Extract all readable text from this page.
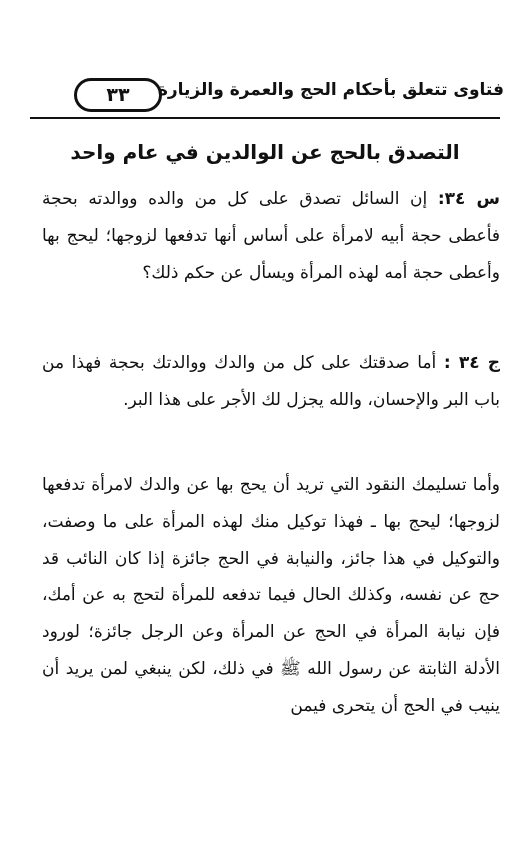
فتاوى تتعلق بأحكام الحج والعمرة والزيارة
٣٣
التصدق بالحج عن الوالدين في عام واحد

س ٣٤: إن السائل تصدق على كل من والده ووالدته بحجة فأعطى حجة أبيه لامرأة على أساس أنها تدفعها لزوجها؛ ليحج بها وأعطى حجة أمه لهذه المرأة ويسأل عن حكم ذلك؟

ج ٣٤ : أما صدقتك على كل من والدك ووالدتك بحجة فهذا من باب البر والإحسان، والله يجزل لك الأجر على هذا البر.

وأما تسليمك النقود التي تريد أن يحج بها عن والدك لامرأة تدفعها لزوجها؛ ليحج بها ـ فهذا توكيل منك لهذه المرأة على ما وصفت، والتوكيل في هذا جائز، والنيابة في الحج جائزة إذا كان النائب قد حج عن نفسه، وكذلك الحال فيما تدفعه للمرأة لتحج به عن أمك، فإن نيابة المرأة في الحج عن المرأة وعن الرجل جائزة؛ لورود الأدلة الثابتة عن رسول الله ﷺ في ذلك، لكن ينبغي لمن يريد أن ينيب في الحج أن يتحرى فيمن
